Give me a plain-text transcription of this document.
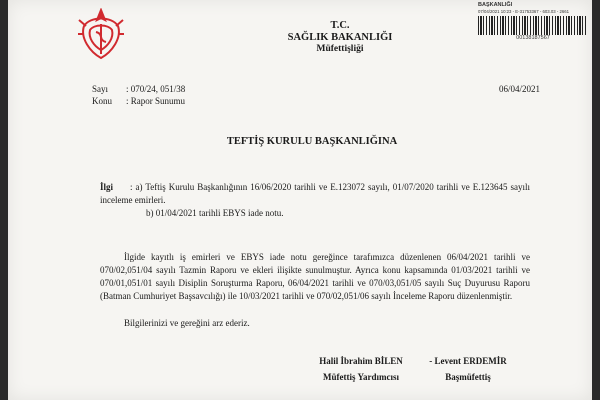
T.C.
SAĞLIK BAKANLIĞI
Müfettişliği
BAŞKANLIĞI
07/04/2021 10:23 - E-31753367 - 603.03 - 2661
00138187567
Sayı : 070/24, 051/38
Konu : Rapor Sunumu
06/04/2021
TEFTİŞ KURULU BAŞKANLIĞINA
İlgi : a) Teftiş Kurulu Başkanlığının 16/06/2020 tarihli ve E.123072 sayılı, 01/07/2020 tarihli ve E.123645 sayılı inceleme emirleri.
b) 01/04/2021 tarihli EBYS iade notu.

İlgide kayıtlı iş emirleri ve EBYS iade notu gereğince tarafımızca düzenlenen 06/04/2021 tarihli ve 070/02,051/04 sayılı Tazmin Raporu ve ekleri ilişikte sunulmuştur. Ayrıca konu kapsamında 01/03/2021 tarihli ve 070/01,051/01 sayılı Disiplin Soruşturma Raporu, 06/04/2021 tarihli ve 070/03,051/05 sayılı Suç Duyurusu Raporu (Batman Cumhuriyet Başsavcılığı) ile 10/03/2021 tarihli ve 070/02,051/06 sayılı İnceleme Raporu düzenlenmiştir.

Bilgilerinizi ve gereğini arz ederiz.
Halil İbrahim BİLEN
Müfettiş Yardımcısı
- Levent ERDEMİR
Başmüfettiş
